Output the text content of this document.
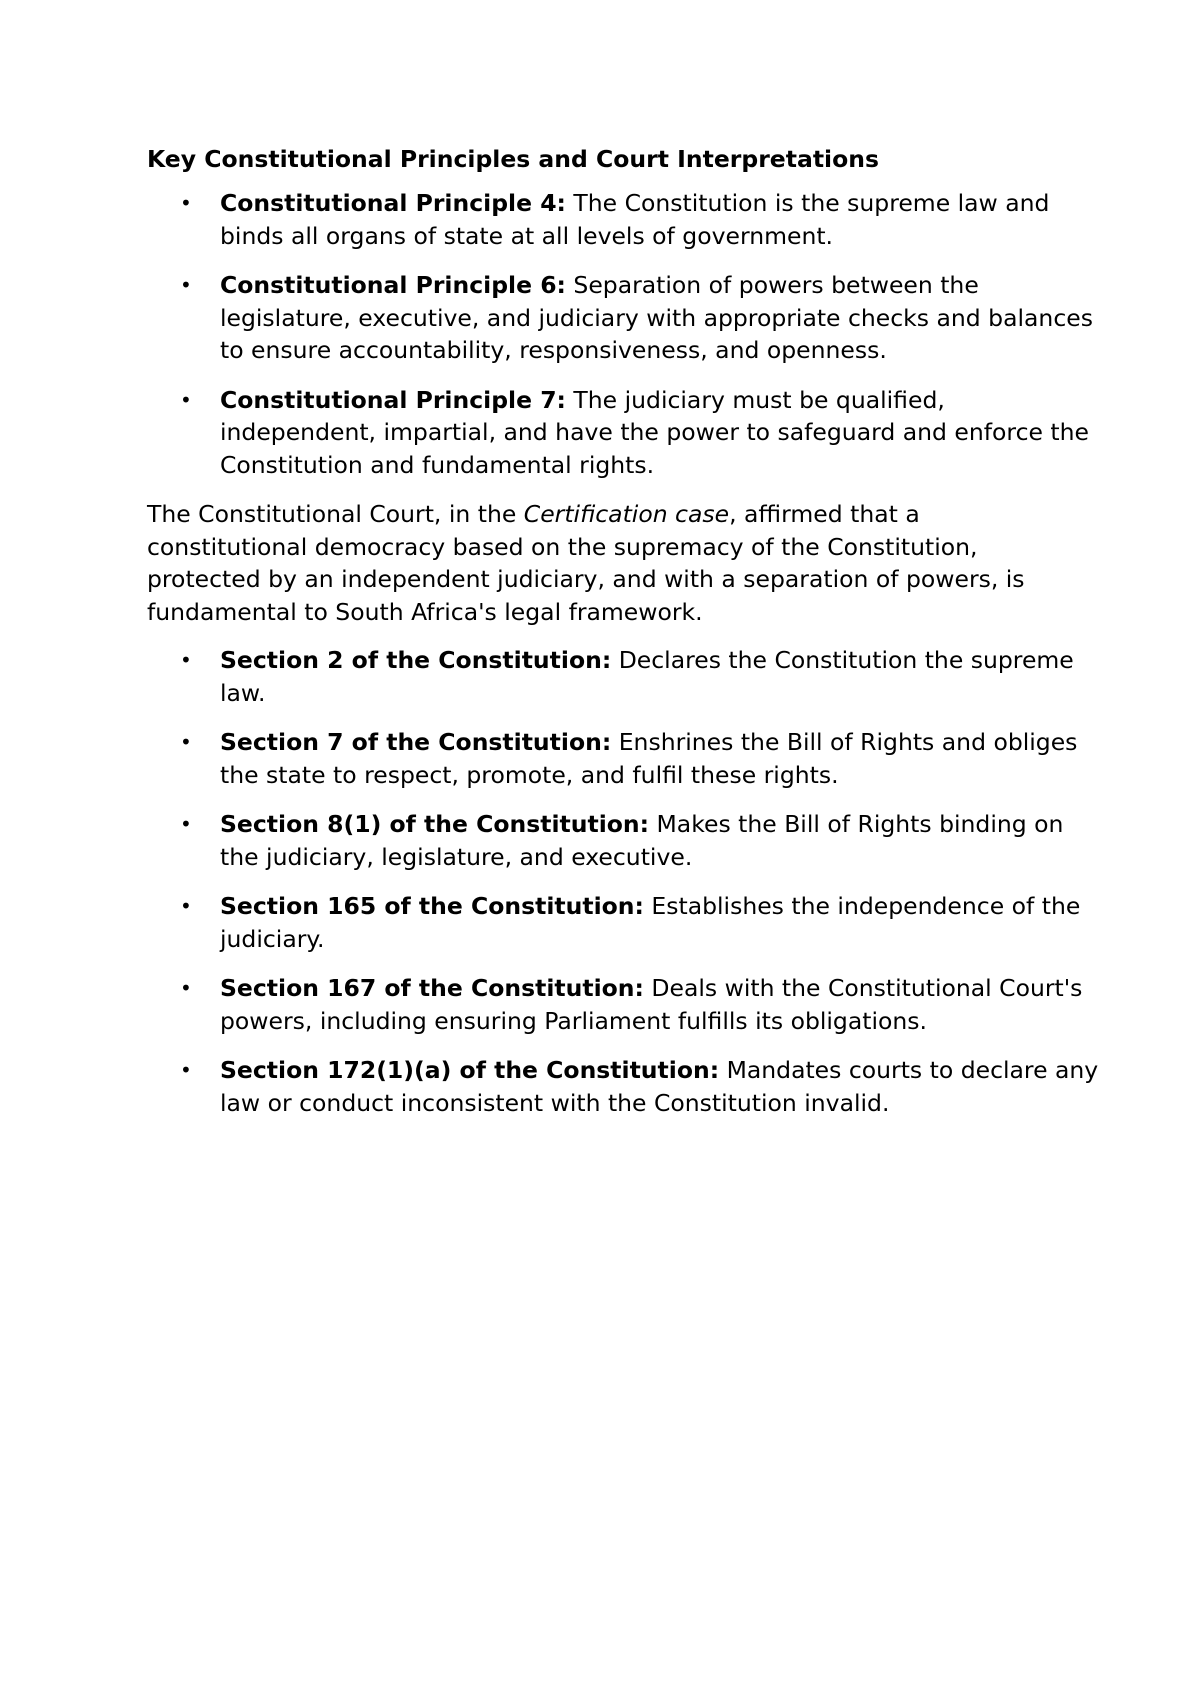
Key Constitutional Principles and Court Interpretations
• Constitutional Principle 4: The Constitution is the supreme law and binds all organs of state at all levels of government.
• Constitutional Principle 6: Separation of powers between the legislature, executive, and judiciary with appropriate checks and balances to ensure accountability, responsiveness, and openness.
• Constitutional Principle 7: The judiciary must be qualified, independent, impartial, and have the power to safeguard and enforce the Constitution and fundamental rights.

The Constitutional Court, in the Certification case, affirmed that a constitutional democracy based on the supremacy of the Constitution, protected by an independent judiciary, and with a separation of powers, is fundamental to South Africa's legal framework.

• Section 2 of the Constitution: Declares the Constitution the supreme law.
• Section 7 of the Constitution: Enshrines the Bill of Rights and obliges the state to respect, promote, and fulfil these rights.
• Section 8(1) of the Constitution: Makes the Bill of Rights binding on the judiciary, legislature, and executive.
• Section 165 of the Constitution: Establishes the independence of the judiciary.
• Section 167 of the Constitution: Deals with the Constitutional Court's powers, including ensuring Parliament fulfills its obligations.
• Section 172(1)(a) of the Constitution: Mandates courts to declare any law or conduct inconsistent with the Constitution invalid.
